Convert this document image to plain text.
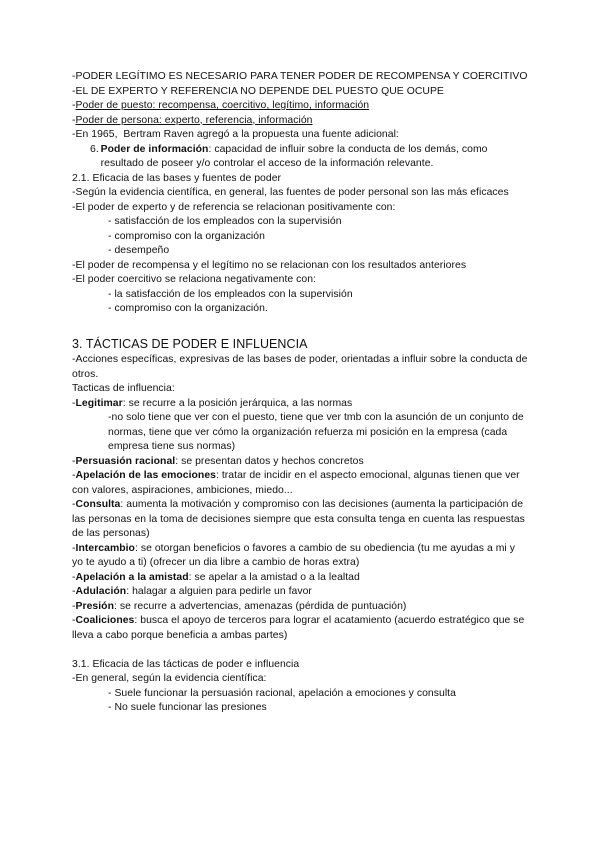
-PODER LEGÍTIMO ES NECESARIO PARA TENER PODER DE RECOMPENSA Y COERCITIVO
-EL DE EXPERTO Y REFERENCIA NO DEPENDE DEL PUESTO QUE OCUPE
-Poder de puesto: recompensa, coercitivo, legítimo, información
-Poder de persona: experto, referencia, información
-En 1965,  Bertram Raven agregó a la propuesta una fuente adicional:
6. Poder de información: capacidad de influir sobre la conducta de los demás, como resultado de poseer y/o controlar el acceso de la información relevante.
2.1. Eficacia de las bases y fuentes de poder
-Según la evidencia científica, en general, las fuentes de poder personal son las más eficaces
-El poder de experto y de referencia se relacionan positivamente con:
- satisfacción de los empleados con la supervisión
- compromiso con la organización
- desempeño
-El poder de recompensa y el legítimo no se relacionan con los resultados anteriores
-El poder coercitivo se relaciona negativamente con:
- la satisfacción de los empleados con la supervisión
- compromiso con la organización.
3. TÁCTICAS DE PODER E INFLUENCIA
-Acciones específicas, expresivas de las bases de poder, orientadas a influir sobre la conducta de otros.
Tacticas de influencia:
-Legitimar: se recurre a la posición jerárquica, a las normas
-no solo tiene que ver con el puesto, tiene que ver tmb con la asunción de un conjunto de normas, tiene que ver cómo la organización refuerza mi posición en la empresa (cada empresa tiene sus normas)
-Persuasión racional: se presentan datos y hechos concretos
-Apelación de las emociones: tratar de incidir en el aspecto emocional, algunas tienen que ver con valores, aspiraciones, ambiciones, miedo...
-Consulta: aumenta la motivación y compromiso con las decisiones (aumenta la participación de las personas en la toma de decisiones siempre que esta consulta tenga en cuenta las respuestas de las personas)
-Intercambio: se otorgan beneficios o favores a cambio de su obediencia (tu me ayudas a mi y yo te ayudo a ti) (ofrecer un dia libre a cambio de horas extra)
-Apelación a la amistad: se apelar a la amistad o a la lealtad
-Adulación: halagar a alguien para pedirle un favor
-Presión: se recurre a advertencias, amenazas (pérdida de puntuación)
-Coaliciones: busca el apoyo de terceros para lograr el acatamiento (acuerdo estratégico que se lleva a cabo porque beneficia a ambas partes)
3.1. Eficacia de las tácticas de poder e influencia
-En general, según la evidencia científica:
- Suele funcionar la persuasión racional, apelación a emociones y consulta
- No suele funcionar las presiones
